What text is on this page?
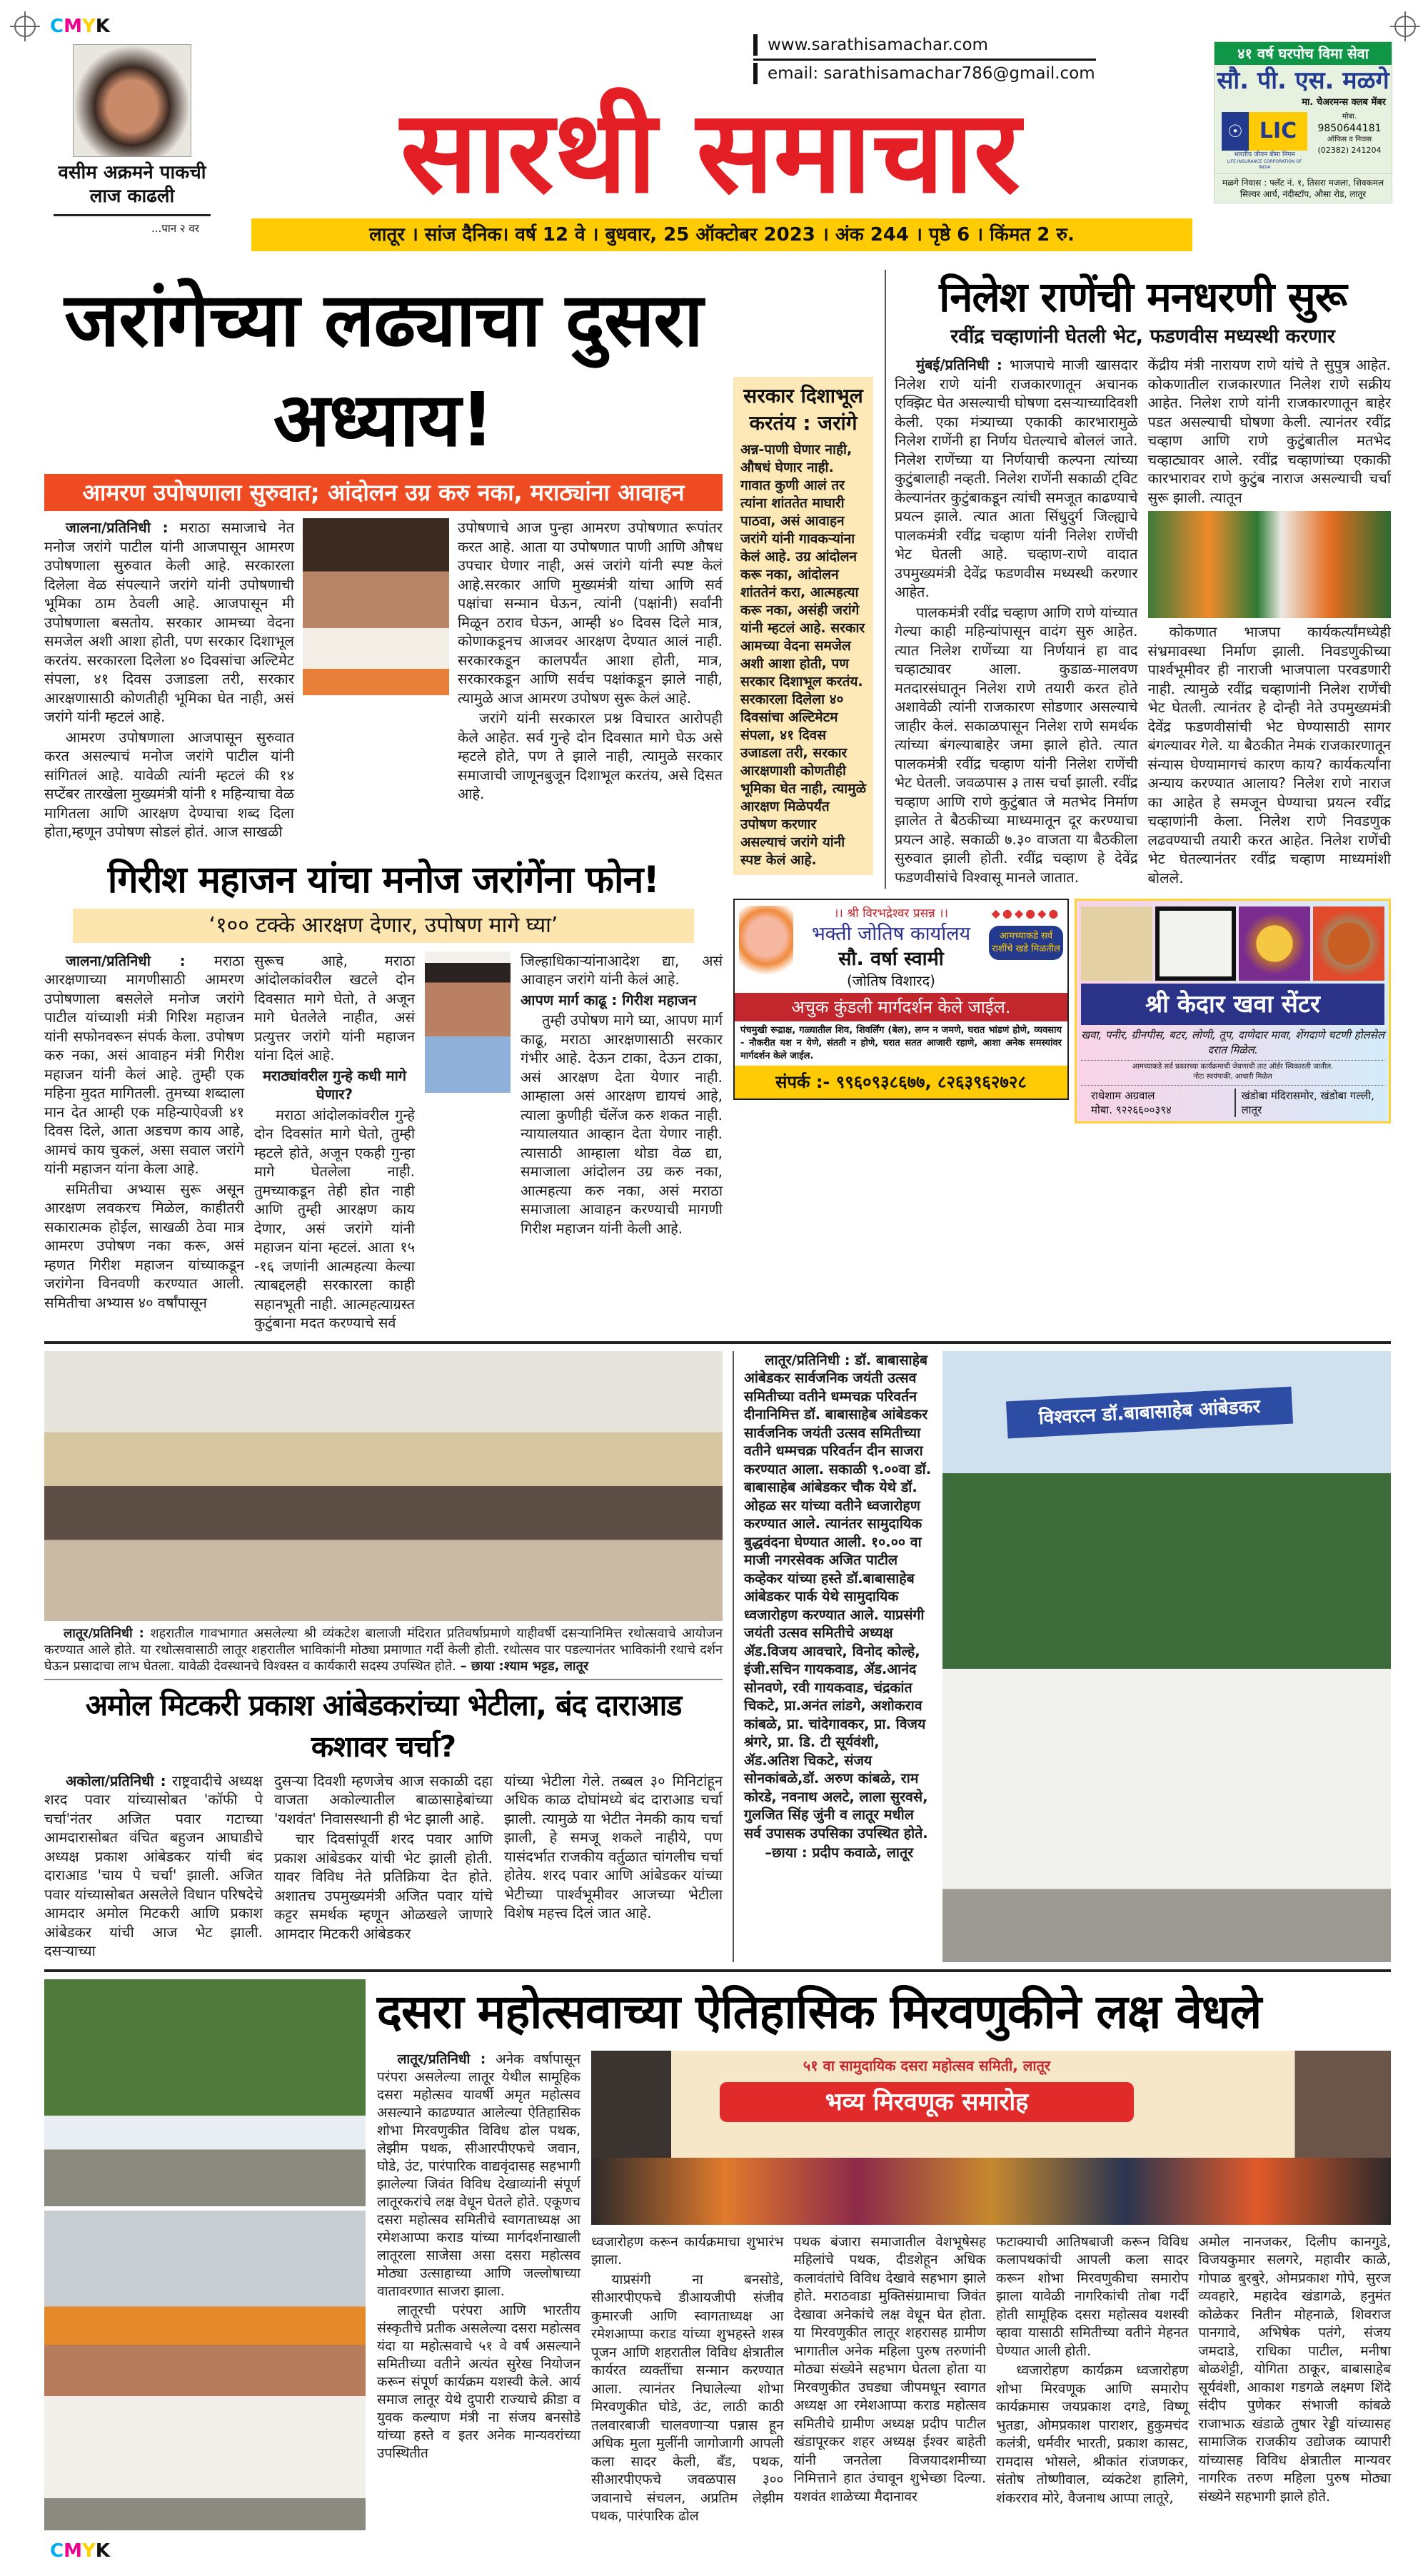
CMYK
वसीम अक्रमने पाकची लाज काढली
...पान २ वर
www.sarathisamachar.com
email: sarathisamachar786@gmail.com
सारथी समाचार
लातूर । सांज दैनिक। वर्ष 12 वे । बुधवार, 25 ऑक्टोबर 2023 । अंक 244 । पृष्ठे 6 । किंमत 2 रु.
४१ वर्ष घरपोच विमा सेवा
सौ. पी. एस. मळगे
मा. चेअरमन्स क्लब मेंबर
☉ LIC
भारतीय जीवन बीमा निगम
LIFE INSURANCE CORPORATION OF INDIA
मोबा.
9850644181
ऑफिस व निवास
(02382) 241204
मळगे निवास : फ्लॅट नं. १, तिसरा मजला, शिवकमल सिल्वर आर्च, नंदीस्टॉप, औसा रोड, लातूर
जरांगेच्या लढ्याचा दुसरा अध्याय!
आमरण उपोषणाला सुरुवात; आंदोलन उग्र करु नका, मराठ्यांना आवाहन

जालना/प्रतिनिधी : मराठा समाजाचे नेत मनोज जरांगे पाटील यांनी आजपासून आमरण उपोषणाला सुरुवात केली आहे. सरकारला दिलेला वेळ संपल्याने जरांगे यांनी उपोषणाची भूमिका ठाम ठेवली आहे. आजपासून मी उपोषणाला बसतोय. सरकार आमच्या वेदना समजेल अशी आशा होती, पण सरकार दिशाभूल करतंय. सरकारला दिलेला ४० दिवसांचा अल्टिमेट संपला, ४१ दिवस उजाडला तरी, सरकार आरक्षणासाठी कोणतीही भूमिका घेत नाही, असं जरांगे यांनी म्हटलं आहे.

आमरण उपोषणाला आजपासून सुरुवात करत असल्याचं मनोज जरांगे पाटील यांनी सांगितलं आहे. यावेळी त्यांनी म्हटलं की १४ सप्टेंबर तारखेला मुख्यमंत्री यांनी १ महिन्याचा वेळ मागितला आणि आरक्षण देण्याचा शब्द दिला होता,म्हणून उपोषण सोडलं होतं. आज साखळी

उपोषणाचे आज पुन्हा आमरण उपोषणात रूपांतर करत आहे. आता या उपोषणात पाणी आणि औषध उपचार घेणार नाही, असं जरांगे यांनी स्पष्ट केलं आहे.सरकार आणि मुख्यमंत्री यांचा आणि सर्व पक्षांचा सन्मान घेऊन, त्यांनी (पक्षांनी) सर्वांनी मिळून ठराव घेऊन, आम्ही ४० दिवस दिले मात्र, कोणाकडूनच आजवर आरक्षण देण्यात आलं नाही. सरकारकडून कालपर्यंत आशा होती, मात्र, सरकारकडून आणि सर्वच पक्षांकडून झाले नाही, त्यामुळे आज आमरण उपोषण सुरू केलं आहे.

जरांगे यांनी सरकारल प्रश्न विचारत आरोपही केले आहेत. सर्व गुन्हे दोन दिवसात मागे घेऊ असे म्हटले होते, पण ते झाले नाही, त्यामुळे सरकार समाजाची जाणूनबुजून दिशाभूल करतंय, असे दिसत आहे.

गिरीश महाजन यांचा मनोज जरांगेंना फोन!
‘१०० टक्के आरक्षण देणार, उपोषण मागे घ्या’

जालना/प्रतिनिधी : मराठा आरक्षणाच्या मागणीसाठी आमरण उपोषणाला बसलेले मनोज जरांगे पाटील यांच्याशी मंत्री गिरिश महाजन यांनी सफोनवरून संपर्क केला. उपोषण करु नका, असं आवाहन मंत्री गिरीश महाजन यांनी केलं आहे. तुम्ही एक महिना मुदत मागितली. तुमच्या शब्दाला मान देत आम्ही एक महिन्याऐवजी ४१ दिवस दिले, आता अडचण काय आहे, आमचं काय चुकलं, असा सवाल जरांगे यांनी महाजन यांना केला आहे.

समितीचा अभ्यास सुरू असून आरक्षण लवकरच मिळेल, काहीतरी सकारात्मक होईल, साखळी ठेवा मात्र आमरण उपोषण नका करू, असं म्हणत गिरीश महाजन यांच्याकडून जरांगेना विनवणी करण्यात आली. समितीचा अभ्यास ४० वर्षांपासून

सुरूच आहे, मराठा आंदोलकांवरील खटले दोन दिवसात मागे घेतो, ते अजून मागे घेतलेले नाहीत, असं प्रत्युत्तर जरांगे यांनी महाजन यांना दिलं आहे.

मराठ्यांवरील गुन्हे कधी मागे घेणार?

मराठा आंदोलकांवरील गुन्हे दोन दिवसांत मागे घेतो, तुम्ही म्हटले होते, अजून एकही गुन्हा मागे घेतलेला नाही. तुमच्याकडून तेही होत नाही आणि तुम्ही आरक्षण काय देणार, असं जरांगे यांनी महाजन यांना म्हटलं. आता १५ -१६ जणांनी आत्महत्या केल्या त्याबद्दलही सरकारला काही सहानभूती नाही. आत्महत्याग्रस्त कुटुंबाना मदत करण्याचे सर्व

जिल्हाधिकाऱ्यांनाआदेश द्या, असं आवाहन जरांगे यांनी केलं आहे.

आपण मार्ग काढू : गिरीश महाजन

तुम्ही उपोषण मागे घ्या, आपण मार्ग काढू, मराठा आरक्षणासाठी सरकार गंभीर आहे. देऊन टाका, देऊन टाका, असं आरक्षण देता येणार नाही. आम्हाला असं आरक्षण द्यायचं आहे, त्याला कुणीही चॅलेंज करु शकत नाही. न्यायालयात आव्हान देता येणार नाही. त्यासाठी आम्हाला थोडा वेळ द्या, समाजाला आंदोलन उग्र करु नका, आत्महत्या करु नका, असं मराठा समाजाला आवाहन करण्याची मागणी गिरीश महाजन यांनी केली आहे.

सरकार दिशाभूल करतंय : जरांगे
अन्न-पाणी घेणार नाही, औषधं घेणार नाही. गावात कुणी आलं तर त्यांना शांततेत माघारी पाठवा, असं आवाहन जरांगे यांनी गावकऱ्यांना केलं आहे. उग्र आंदोलन करू नका, आंदोलन शांततेनं करा, आत्महत्या करू नका, असंही जरांगे यांनी म्हटलं आहे. सरकार आमच्या वेदना समजेल अशी आशा होती, पण सरकार दिशाभूल करतंय. सरकारला दिलेला ४० दिवसांचा अल्टिमेटम संपला, ४१ दिवस उजाडला तरी, सरकार आरक्षणाशी कोणतीही भूमिका घेत नाही, त्यामुळे आरक्षण मिळेपर्यंत उपोषण करणार असल्याचं जरांगे यांनी स्पष्ट केलं आहे.
निलेश राणेंची मनधरणी सुरू
रवींद्र चव्हाणांनी घेतली भेट, फडणवीस मध्यस्थी करणार

मुंबई/प्रतिनिधी : भाजपाचे माजी खासदार निलेश राणे यांनी राजकारणातून अचानक एक्झिट घेत असल्याची घोषणा दसऱ्याच्यादिवशी केली. एका मंत्र्याच्या एकाकी कारभारामुळे निलेश राणेंनी हा निर्णय घेतल्याचे बोललं जाते. निलेश राणेंच्या या निर्णयाची कल्पना त्यांच्या कुटुंबालाही नव्हती. निलेश राणेंनी सकाळी ट्विट केल्यानंतर कुटुंबाकडून त्यांची समजूत काढण्याचे प्रयत्न झाले. त्यात आता सिंधुदुर्ग जिल्ह्याचे पालकमंत्री रवींद्र चव्हाण यांनी निलेश राणेंची भेट घेतली आहे. चव्हाण-राणे वादात उपमुख्यमंत्री देवेंद्र फडणवीस मध्यस्थी करणार आहेत.

पालकमंत्री रवींद्र चव्हाण आणि राणे यांच्यात गेल्या काही महिन्यांपासून वादंग सुरु आहेत. त्यात निलेश राणेंच्या या निर्णयानं हा वाद चव्हाट्यावर आला. कुडाळ-मालवण मतदारसंघातून निलेश राणे तयारी करत होते अशावेळी त्यांनी राजकारण सोडणार असल्याचे जाहीर केलं. सकाळपासून निलेश राणे समर्थक त्यांच्या बंगल्याबाहेर जमा झाले होते. त्यात पालकमंत्री रवींद्र चव्हाण यांनी निलेश राणेंची भेट घेतली. जवळपास ३ तास चर्चा झाली. रवींद्र चव्हाण आणि राणे कुटुंबात जे मतभेद निर्माण झालेत ते बैठकीच्या माध्यमातून दूर करण्याचा प्रयत्न आहे. सकाळी ७.३० वाजता या बैठकीला सुरुवात झाली होती. रवींद्र चव्हाण हे देवेंद्र फडणवीसांचे विश्वासू मानले जातात.

केंद्रीय मंत्री नारायण राणे यांचे ते सुपुत्र आहेत. कोकणातील राजकारणात निलेश राणे सक्रीय आहेत. निलेश राणे यांनी राजकारणातून बाहेर पडत असल्याची घोषणा केली. त्यानंतर रवींद्र चव्हाण आणि राणे कुटुंबातील मतभेद चव्हाट्यावर आले. रवींद्र चव्हाणांच्या एकाकी कारभारावर राणे कुटुंब नाराज असल्याची चर्चा सुरू झाली. त्यातून

कोकणात भाजपा कार्यकर्त्यांमध्येही संभ्रमावस्था निर्माण झाली. निवडणुकीच्या पार्श्वभूमीवर ही नाराजी भाजपाला परवडणारी नाही. त्यामुळे रवींद्र चव्हाणांनी निलेश राणेंची भेट घेतली. त्यानंतर हे दोन्ही नेते उपमुख्यमंत्री देवेंद्र फडणवीसांची भेट घेण्यासाठी सागर बंगल्यावर गेले. या बैठकीत नेमकं राजकारणातून संन्यास घेण्यामागचं कारण काय? कार्यकर्त्यांना अन्याय करण्यात आलाय? निलेश राणे नाराज का आहेत हे समजून घेण्याचा प्रयत्न रवींद्र चव्हाणांनी केला. निलेश राणे निवडणुक लढवण्याची तयारी करत आहेत. निलेश राणेंची भेट घेतल्यानंतर रवींद्र चव्हाण माध्यमांशी बोलले.

।। श्री विरभद्रेश्वर प्रसन्न ।।
भक्ती जोतिष कार्यालय
सौ. वर्षा स्वामी
(जोतिष विशारद)
◆●◆●◆●
आमच्याकडे सर्व राशींचे खडे मिळतील
अचुक कुंडली मार्गदर्शन केले जाईल.
पंचमुखी रूद्राक्ष, गळ्यातील शिव, शिवर्लिंग (बेल), लग्न न जमणे, घरात भांडणं होणे, व्यवसाय - नौकरीत यश न येणे, संतती न होणे, घरात सतत आजारी रहाणे, आशा अनेक समस्यांवर मार्गदर्शन केले जाईल.
संपर्क :- ९९६०९३८६७७, ८२६३९६२७२८
श्री केदार खवा सेंटर
खवा, पनीर, ग्रीनपीस, बटर, लोणी, तूप, दाणेदार मावा, शेंगदाणे चटणी होलसेल दरात मिळेल.
आमच्याकडे सर्व प्रकारच्या कार्यक्रमाची जेवणाची ताट ऑर्डर स्विकारली जातील.
नोटः स्वयंपाकी, आचारी मिळेल
राधेशाम अग्रवाल
मोबा. ९२२६६००३९४
खंडोबा मंदिरासमोर, खंडोबा गल्ली, लातूर

लातूर/प्रतिनिधी : शहरातील गावभागात असलेल्या श्री व्यंकटेश बालाजी मंदिरात प्रतिवर्षाप्रमाणे याहीवर्षी दसऱ्यानिमित्त रथोत्सवाचे आयोजन करण्यात आले होते. या रथोत्सवासाठी लातूर शहरातील भाविकांनी मोठ्या प्रमाणात गर्दी केली होती. रथोत्सव पार पडल्यानंतर भाविकांनी रथाचे दर्शन घेऊन प्रसादाचा लाभ घेतला. यावेळी देवस्थानचे विश्वस्त व कार्यकारी सदस्य उपस्थित होते. – छाया :श्याम भट्टड, लातूर

अमोल मिटकरी प्रकाश आंबेडकरांच्या भेटीला, बंद दाराआड कशावर चर्चा?

अकोला/प्रतिनिधी : राष्ट्रवादीचे अध्यक्ष शरद पवार यांच्यासोबत 'कॉफी पे चर्चा'नंतर अजित पवार गटाच्या आमदारासोबत वंचित बहुजन आघाडीचे अध्यक्ष प्रकाश आंबेडकर यांची बंद दाराआड 'चाय पे चर्चा' झाली. अजित पवार यांच्यासोबत असलेले विधान परिषदेचे आमदार अमोल मिटकरी आणि प्रकाश आंबेडकर यांची आज भेट झाली. दसऱ्याच्या

दुसऱ्या दिवशी म्हणजेच आज सकाळी दहा वाजता अकोल्यातील बाळासाहेबांच्या 'यशवंत' निवासस्थानी ही भेट झाली आहे.

चार दिवसांपूर्वी शरद पवार आणि प्रकाश आंबेडकर यांची भेट झाली होती. यावर विविध नेते प्रतिक्रिया देत होते. अशातच उपमुख्यमंत्री अजित पवार यांचे कट्टर समर्थक म्हणून ओळखले जाणारे आमदार मिटकरी आंबेडकर

यांच्या भेटीला गेले. तब्बल ३० मिनिटांहून अधिक काळ दोघांमध्ये बंद दाराआड चर्चा झाली. त्यामुळे या भेटीत नेमकी काय चर्चा झाली, हे समजू शकले नाहीये, पण यासंदर्भात राजकीय वर्तुळात चांगलीच चर्चा होतेय. शरद पवार आणि आंबेडकर यांच्या भेटीच्या पार्श्वभूमीवर आजच्या भेटीला विशेष महत्त्व दिलं जात आहे.

लातूर/प्रतिनिधी : डॉ. बाबासाहेब आंबेडकर सार्वजनिक जयंती उत्सव समितीच्या वतीने धम्मचक्र परिवर्तन दीनानिमित्त डॉ. बाबासाहेब आंबेडकर सार्वजनिक जयंती उत्सव समितीच्या वतीने धम्मचक्र परिवर्तन दीन साजरा करण्यात आला. सकाळी ९.००वा डॉ. बाबासाहेब आंबेडकर चौक येथे डॉ. ओहळ सर यांच्या वतीने ध्वजारोहण करण्यात आले. त्यानंतर सामुदायिक बुद्धवंदना घेण्यात आली. १०.०० वा माजी नगरसेवक अजित पाटील कव्हेकर यांच्या हस्ते डॉ.बाबासाहेब आंबेडकर पार्क येथे सामुदायिक ध्वजारोहण करण्यात आले. याप्रसंगी जयंती उत्सव समितीचे अध्यक्ष ॲड.विजय आवचारे, विनोद कोल्हे, इंजी.सचिन गायकवाड, ॲड.आनंद सोनवणे, रवी गायकवाड, चंद्रकांत चिकटे, प्रा.अनंत लांडगे, अशोकराव कांबळे, प्रा. चांदेगावकर, प्रा. विजय श्रंगरे, प्रा. डि. टी सूर्यवंशी, ॲड.अतिश चिकटे, संजय सोनकांबळे,डॉ. अरुण कांबळे, राम कोरडे, नवनाथ अलटे, लाला सुरवसे, गुलजित सिंह जुंनी व लातूर मधील सर्व उपासक उपसिका उपस्थित होते.

–छाया : प्रदीप कवाळे, लातूर

विश्वरत्न डॉ.बाबासाहेब आंबेडकर
दसरा महोत्सवाच्या ऐतिहासिक मिरवणुकीने लक्ष वेधले

लातूर/प्रतिनिधी : अनेक वर्षापासून परंपरा असलेल्या लातूर येथील सामूहिक दसरा महोत्सव यावर्षी अमृत महोत्सव असल्याने काढण्यात आलेल्या ऐतिहासिक शोभा मिरवणुकीत विविध ढोल पथक, लेझीम पथक, सीआरपीएफचे जवान, घोडे, उंट, पारंपारिक वाद्यवृंदासह सहभागी झालेल्या जिवंत विविध देखाव्यांनी संपूर्ण लातूरकरांचे लक्ष वेधून घेतले होते. एकूणच दसरा महोत्सव समितीचे स्वागताध्यक्ष आ रमेशआप्पा कराड यांच्या मार्गदर्शनाखाली लातूरला साजेसा असा दसरा महोत्सव मोठ्या उत्साहाच्या आणि जल्लोषाच्या वातावरणात साजरा झाला.

लातूरची परंपरा आणि भारतीय संस्कृतीचे प्रतीक असलेल्या दसरा महोत्सव यंदा या महोत्सवाचे ५१ वे वर्ष असल्याने समितीच्या वतीने अत्यंत सुरेख नियोजन करून संपूर्ण कार्यक्रम यशस्वी केले. आर्य समाज लातूर येथे दुपारी राज्याचे क्रीडा व युवक कल्याण मंत्री ना संजय बनसोडे यांच्या हस्ते व इतर अनेक मान्यवरांच्या उपस्थितीत

५१ वा सामुदायिक दसरा महोत्सव समिती, लातूर
भव्य मिरवणूक समारोह

ध्वजारोहण करून कार्यक्रमाचा शुभारंभ झाला.

याप्रसंगी ना बनसोडे, सीआरपीएफचे डीआयजीपी संजीव कुमारजी आणि स्वागताध्यक्ष आ रमेशआप्पा कराड यांच्या शुभहस्ते शस्त्र पूजन आणि शहरातील विविध क्षेत्रातील कार्यरत व्यक्तींचा सन्मान करण्यात आला. त्यानंतर निघालेल्या शोभा मिरवणुकीत घोडे, उंट, लाठी काठी तलवारबाजी चालवणाऱ्या पन्नास हून अधिक मुला मुलींनी जागोजागी आपली कला सादर केली, बँड, पथक, सीआरपीएफचे जवळपास ३०० जवानाचे संचलन, अप्रतिम लेझीम पथक, पारंपारिक ढोल

पथक बंजारा समाजातील वेशभूषेसह महिलांचे पथक, दीडशेहून अधिक कलावंतांचे विविध देखावे सहभाग झाले होते. मराठवाडा मुक्तिसंग्रामाचा जिवंत देखावा अनेकांचे लक्ष वेधून घेत होता. या मिरवणुकीत लातूर शहरासह ग्रामीण भागातील अनेक महिला पुरुष तरुणांनी मोठ्या संख्येने सहभाग घेतला होता या मिरवणुकीत उघड्या जीपमधून स्वागत अध्यक्ष आ रमेशआप्पा कराड महोत्सव समितीचे ग्रामीण अध्यक्ष प्रदीप पाटील खंडापूरकर शहर अध्यक्ष ईश्वर बाहेती यांनी जनतेला विजयादशमीच्या निमित्ताने हात उंचावून शुभेच्छा दिल्या. यशवंत शाळेच्या मैदानावर

फटाक्याची आतिषबाजी करून विविध कलापथकांची आपली कला सादर करून शोभा मिरवणुकीचा समारोप झाला यावेळी नागरिकांची तोबा गर्दी होती सामूहिक दसरा महोत्सव यशस्वी व्हावा यासाठी समितीच्या वतीने मेहनत घेण्यात आली होती.

ध्वजारोहण कार्यक्रम ध्वजारोहण शोभा मिरवणूक आणि समारोप कार्यक्रमास जयप्रकाश दगडे, विष्णू भुतडा, ओमप्रकाश पाराशर, हुकुमचंद कलंत्री, धर्मवीर भारती, प्रकाश कासट, रामदास भोसले, श्रीकांत रांजणकर, संतोष तोष्णीवाल, व्यंकटेश हालिगे, शंकरराव मोरे, वैजनाथ आप्पा लातूरे,

अमोल नानजकर, दिलीप कानगुडे, विजयकुमार सलगरे, महावीर काळे, गोपाळ बुरबुरे, ओमप्रकाश गोपे, सुरज व्यवहारे, महादेव खंडागळे, हनुमंत कोळेकर नितीन मोहनाळे, शिवराज पानगावे, अभिषेक पतंगे, संजय जमदाडे, राधिका पाटील, मनीषा बोळशेट्टी, योगिता ठाकूर, बाबासाहेब सूर्यवंशी, आकाश गडगळे लक्ष्मण शिंदे संदीप पुणेकर संभाजी कांबळे राजाभाऊ खंडाळे तुषार रेड्डी यांच्यासह सामाजिक राजकीय उद्योजक व्यापारी यांच्यासह विविध क्षेत्रातील मान्यवर नागरिक तरुण महिला पुरुष मोठ्या संख्येने सहभागी झाले होते.

CMYK
